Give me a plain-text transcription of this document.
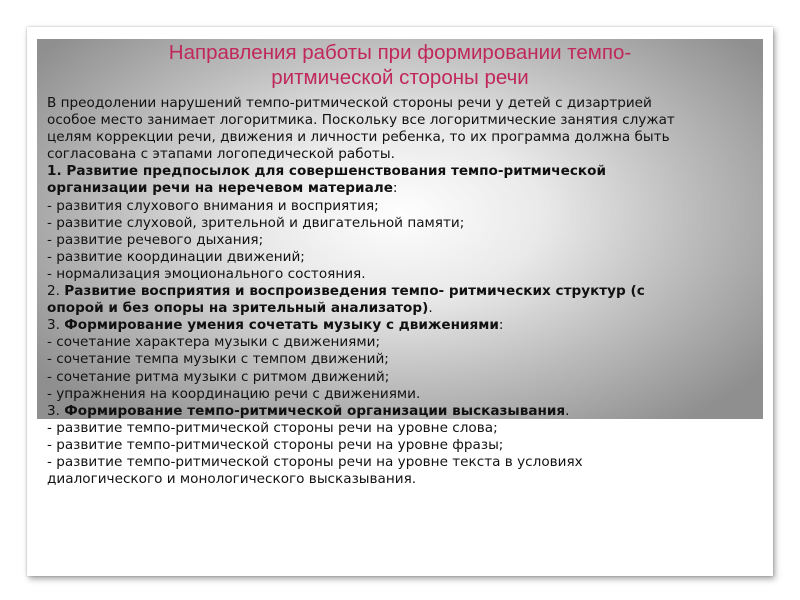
Направления работы при формировании темпо-
ритмической стороны речи
В преодолении нарушений темпо-ритмической стороны речи у детей с дизартрией
особое место занимает логоритмика. Поскольку все логоритмические занятия служат
целям коррекции речи, движения и личности ребенка, то их программа должна быть
согласована с этапами логопедической работы.
1. Развитие предпосылок для совершенствования темпо-ритмической
организации речи на неречевом материале:
- развития слухового внимания и восприятия;
- развитие слуховой, зрительной и двигательной памяти;
- развитие речевого дыхания;
- развитие координации движений;
- нормализация эмоционального состояния.
2. Развитие восприятия и воспроизведения темпо- ритмических структур (с
опорой и без опоры на зрительный анализатор).
3. Формирование умения сочетать музыку с движениями:
- сочетание характера музыки с движениями;
- сочетание темпа музыки с темпом движений;
- сочетание ритма музыки с ритмом движений;
- упражнения на координацию речи с движениями.
3. Формирование темпо-ритмической организации высказывания.
- развитие темпо-ритмической стороны речи на уровне слова;
- развитие темпо-ритмической стороны речи на уровне фразы;
- развитие темпо-ритмической стороны речи на уровне текста в условиях
диалогического и монологического высказывания.
